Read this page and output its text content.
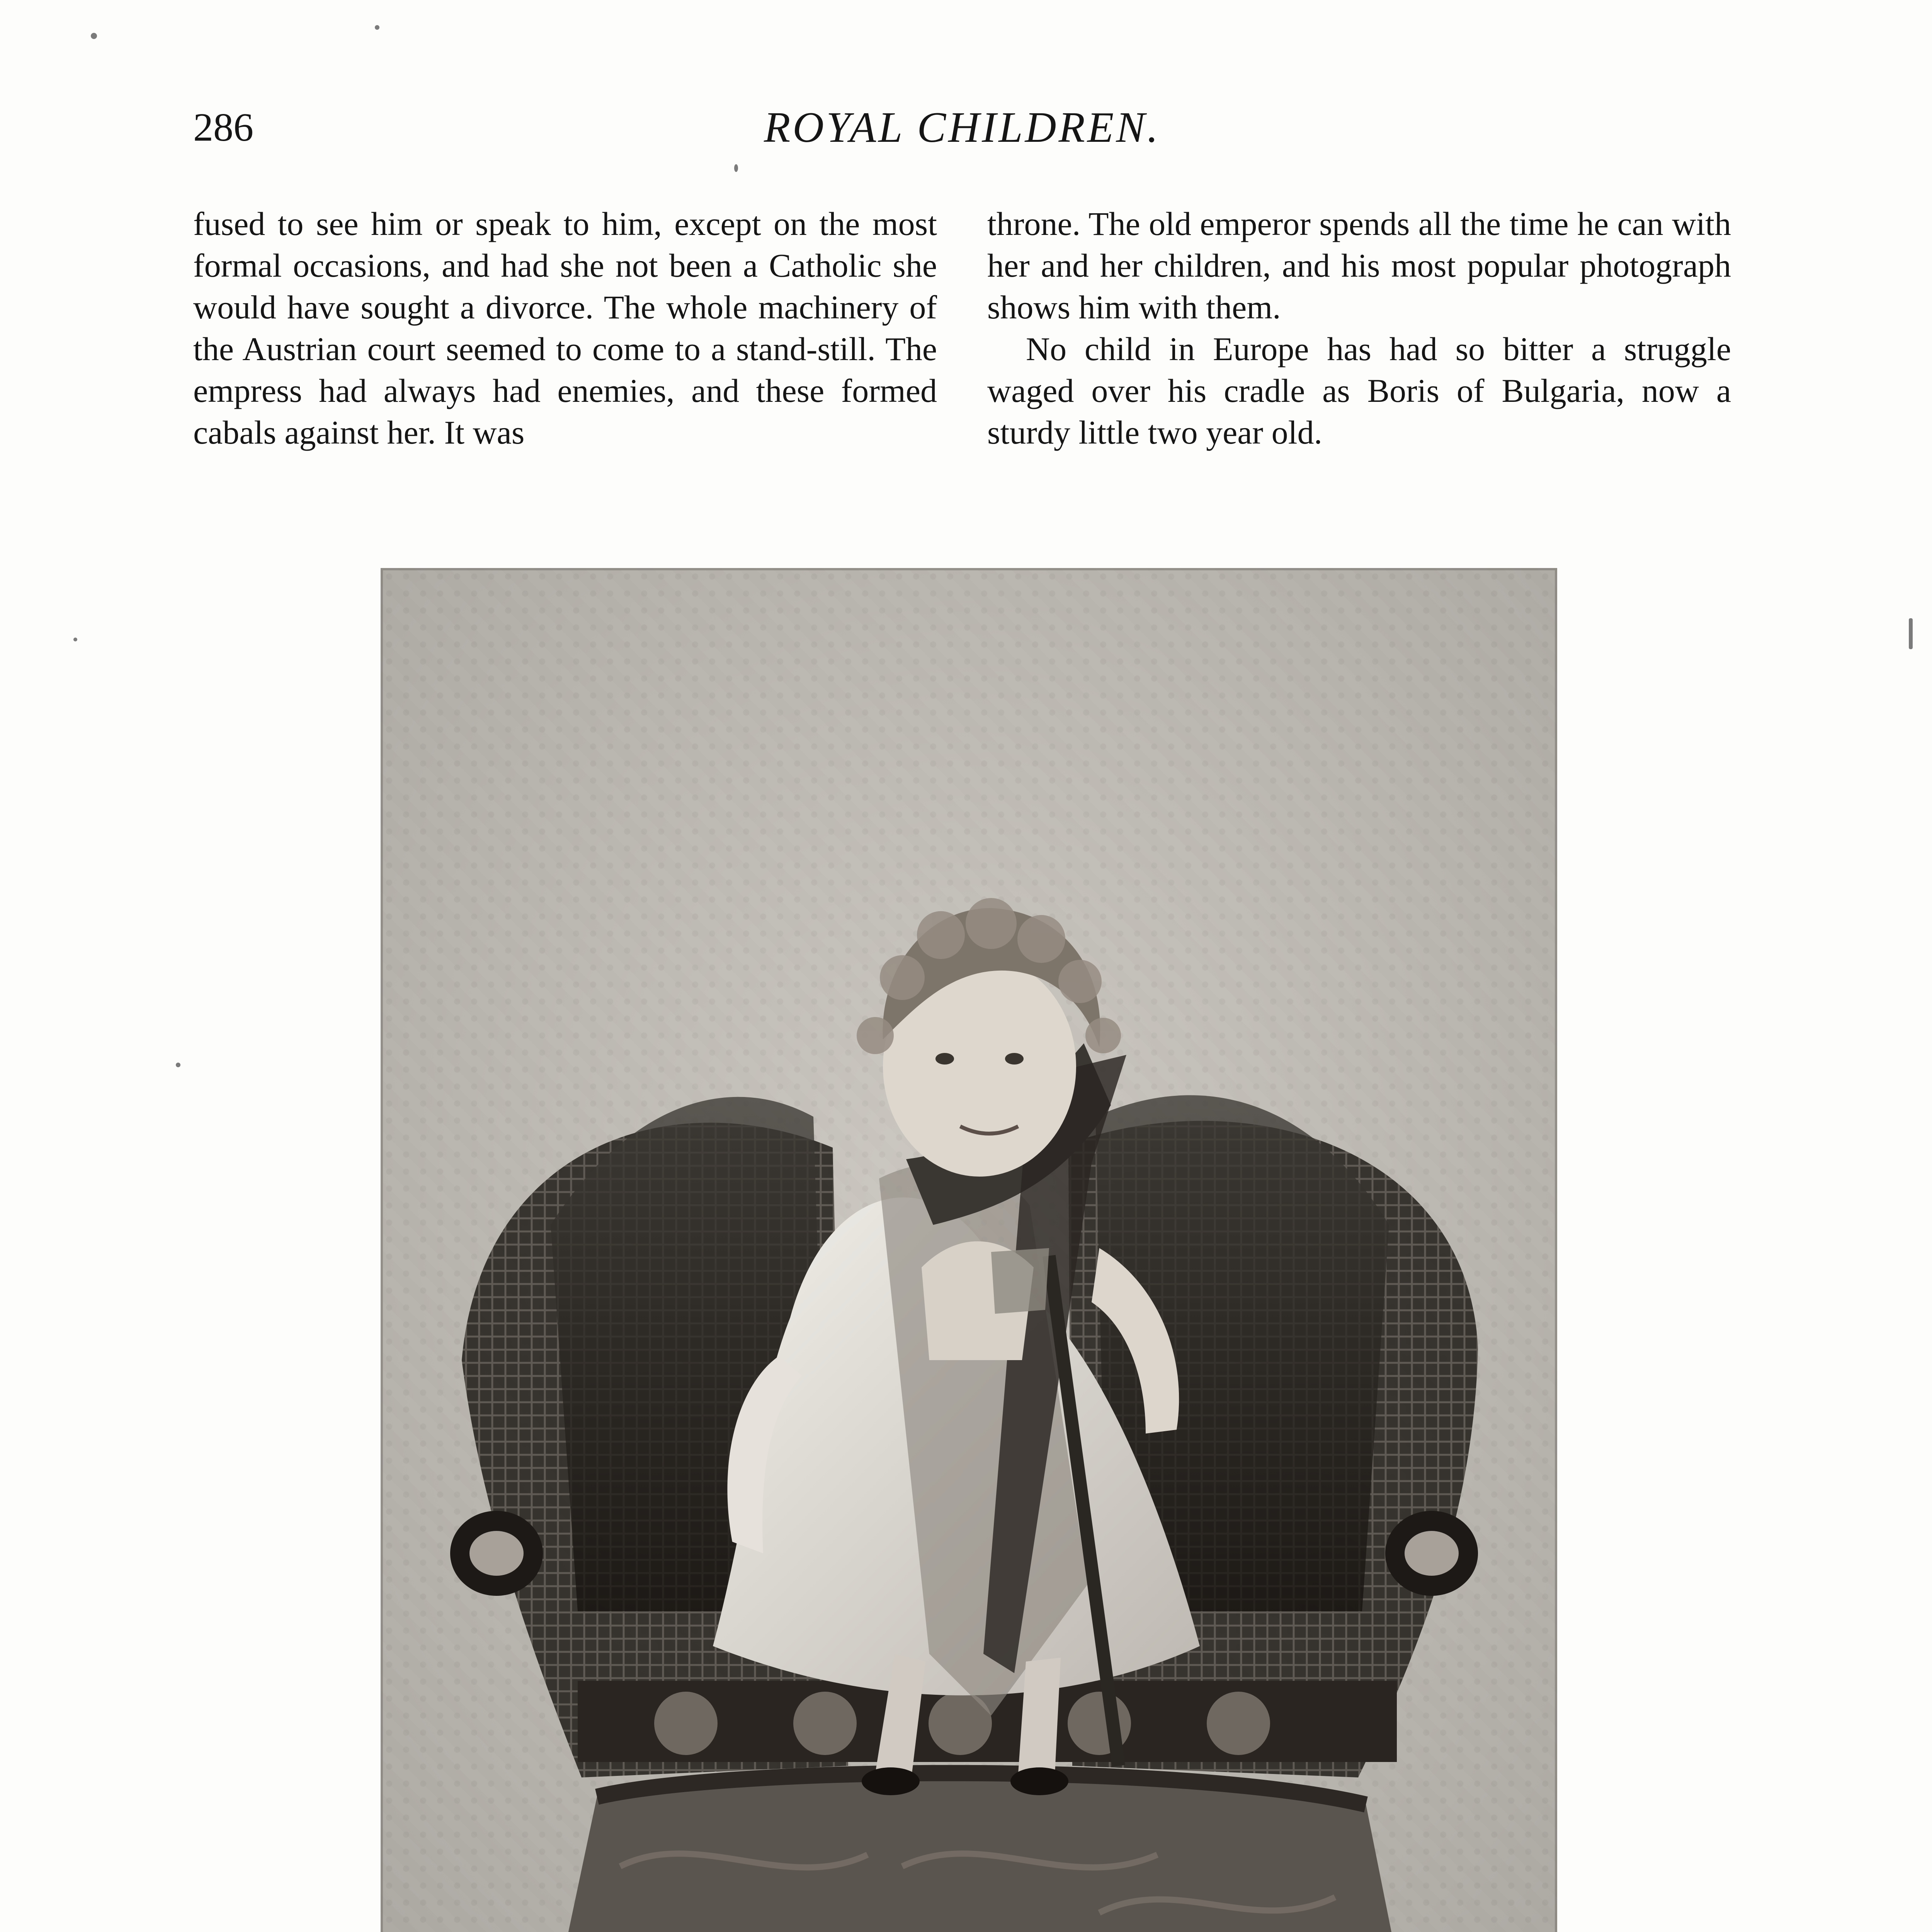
286	ROYAL CHILDREN.

fused to see him or speak to him, except on the most formal occasions, and had she not been a Catholic she would have sought a divorce. The whole machinery of the Austrian court seemed to come to a stand-still. The empress had always had enemies, and these formed cabals against her. It was

throne. The old emperor spends all the time he can with her and her children, and his most popular photograph shows him with them.

No child in Europe has had so bitter a struggle waged over his cradle as Boris of Bulgaria, now a sturdy little two year old.
